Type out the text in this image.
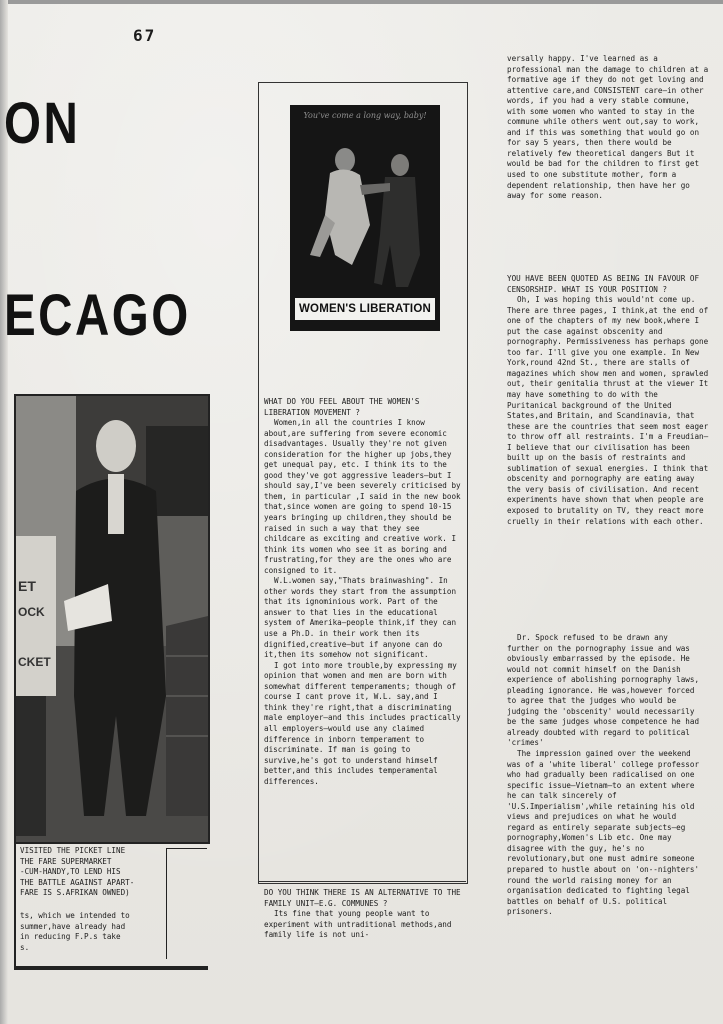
67
ON
ECAGO
ET
OCK
CKET

VISITED THE PICKET LINE
THE FARE SUPERMARKET
-CUM-HANDY,TO LEND HIS
THE BATTLE AGAINST APART-
FARE IS S.AFRIKAN OWNED)

ts, which we intended to
summer,have already had
in reducing F.P.s take
s.

You've come a long way, baby!
WOMEN'S LIBERATION

WHAT DO YOU FEEL ABOUT THE WOMEN'S LIBERATION MOVEMENT ?

Women,in all the countries I know about,are suffering from severe economic disadvantages. Usually they're not given consideration for the higher up jobs,they get unequal pay, etc. I think its to the good they've got aggressive leaders—but I should say,I've been severely criticised by them, in particular ,I said in the new book that,since women are going to spend 10-15 years bringing up children,they should be raised in such a way that they see childcare as exciting and creative work. I think its women who see it as boring and frustrating,for they are the ones who are consigned to it.

W.L.women say,"Thats brainwashing". In other words they start from the assumption that its ignominious work. Part of the answer to that lies in the educational system of Amerika—people think,if they can use a Ph.D. in their work then its dignified,creative—but if anyone can do it,then its somehow not significant.

I got into more trouble,by expressing my opinion that women and men are born with somewhat different temperaments; though of course I cant prove it, W.L. say,and I think they're right,that a discriminating male employer—and this includes practically all employers—would use any claimed difference in inborn temperament to discriminate. If man is going to survive,he's got to understand himself better,and this includes temperamental differences.

DO YOU THINK THERE IS AN ALTERNATIVE TO THE FAMILY UNIT—E.G. COMMUNES ?

Its fine that young people want to experiment with untraditional methods,and family life is not uni-

versally happy. I've learned as a professional man the damage to children at a formative age if they do not get loving and attentive care,and CONSISTENT care—in other words, if you had a very stable commune, with some women who wanted to stay in the commune while others went out,say to work, and if this was something that would go on for say 5 years, then there would be relatively few theoretical dangers But it would be bad for the children to first get used to one substitute mother, form a dependent relationship, then have her go away for some reason.

YOU HAVE BEEN QUOTED AS BEING IN FAVOUR OF CENSORSHIP. WHAT IS YOUR POSITION ?

Oh, I was hoping this would'nt come up. There are three pages, I think,at the end of one of the chapters of my new book,where I put the case against obscenity and pornography. Permissiveness has perhaps gone too far. I'll give you one example. In New York,round 42nd St., there are stalls of magazines which show men and women, sprawled out, their genitalia thrust at the viewer It may have something to do with the Puritanical background of the United States,and Britain, and Scandinavia, that these are the countries that seem most eager to throw off all restraints. I'm a Freudian—I believe that our civilisation has been built up on the basis of restraints and sublimation of sexual energies. I think that obscenity and pornography are eating away the very basis of civilisation. And recent experiments have shown that when people are exposed to brutality on TV, they react more cruelly in their relations with each other.

Dr. Spock refused to be drawn any further on the pornography issue and was obviously embarrassed by the episode. He would not commit himself on the Danish experience of abolishing pornography laws, pleading ignorance. He was,however forced to agree that the judges who would be judging the 'obscenity' would necessarily be the same judges whose competence he had already doubted with regard to political 'crimes'

The impression gained over the weekend was of a 'white liberal' college professor who had gradually been radicalised on one specific issue—Vietnam—to an extent where he can talk sincerely of 'U.S.Imperialism',while retaining his old views and prejudices on what he would regard as entirely separate subjects—eg pornography,Women's Lib etc. One may disagree with the guy, he's no revolutionary,but one must admire someone prepared to hustle about on 'on--nighters' round the world raising money for an organisation dedicated to fighting legal battles on behalf of U.S. political prisoners.
